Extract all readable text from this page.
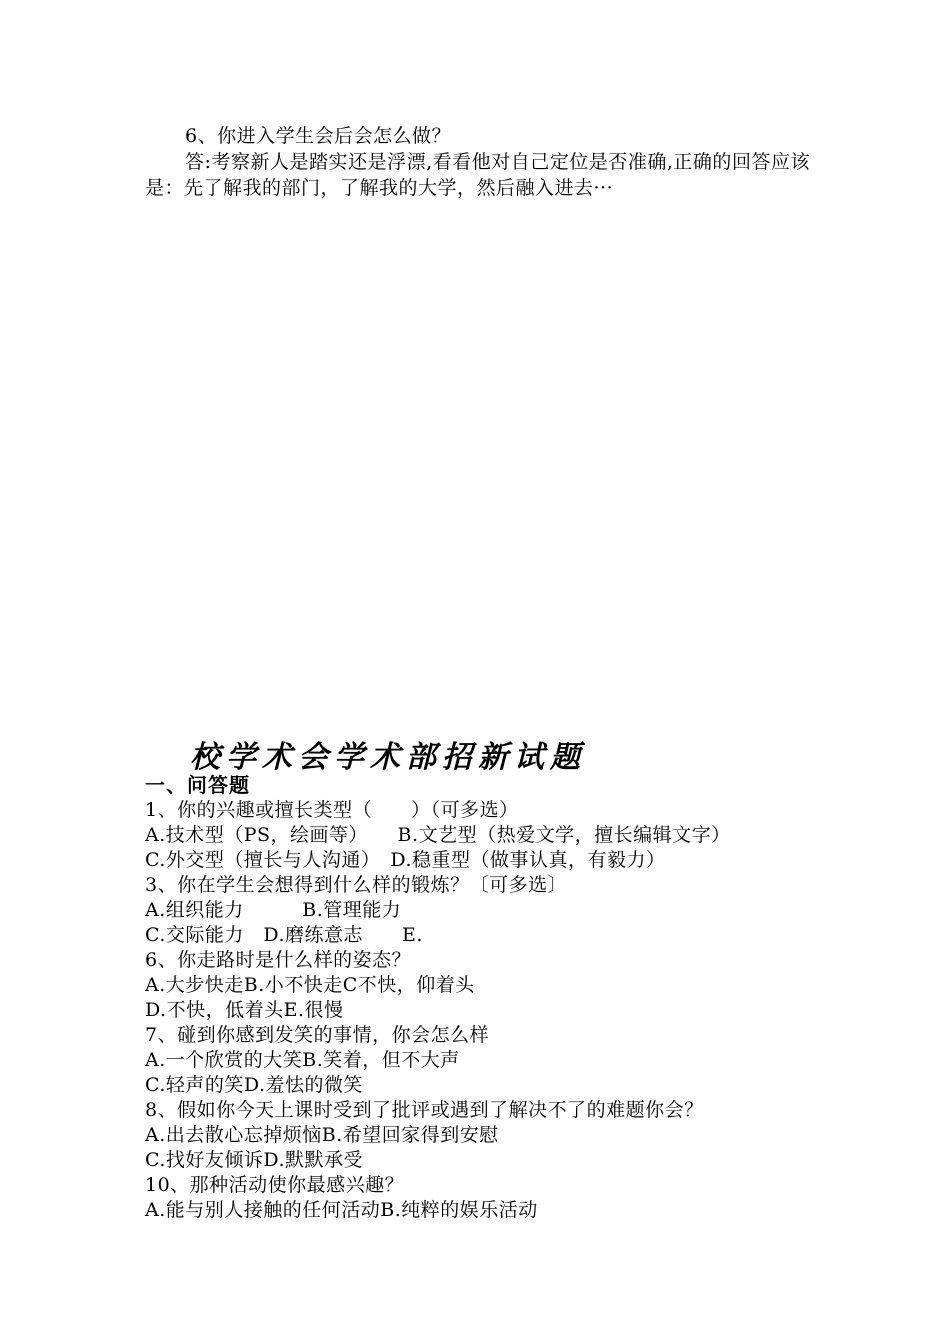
6、你进入学生会后会怎么做？

答:考察新人是踏实还是浮漂,看看他对自己定位是否准确,正确的回答应该是：先了解我的部门，了解我的大学，然后融入进去···

校学术会学术部招新试题
一、问答题
1、你的兴趣或擅长类型（　　）（可多选）
A.技术型（PS，绘画等）　　B.文艺型（热爱文学，擅长编辑文字）
C.外交型（擅长与人沟通）　D.稳重型（做事认真，有毅力）
3、你在学生会想得到什么样的锻炼？〔可多选〕
A.组织能力　　　B.管理能力
C.交际能力　D.磨练意志　　E.
6、你走路时是什么样的姿态？
A.大步快走B.小不快走C不快，仰着头
D.不快，低着头E.很慢
7、碰到你感到发笑的事情，你会怎么样
A.一个欣赏的大笑B.笑着，但不大声
C.轻声的笑D.羞怯的微笑
8、假如你今天上课时受到了批评或遇到了解决不了的难题你会？
A.出去散心忘掉烦恼B.希望回家得到安慰
C.找好友倾诉D.默默承受
10、那种活动使你最感兴趣？
A.能与别人接触的任何活动B.纯粹的娱乐活动
